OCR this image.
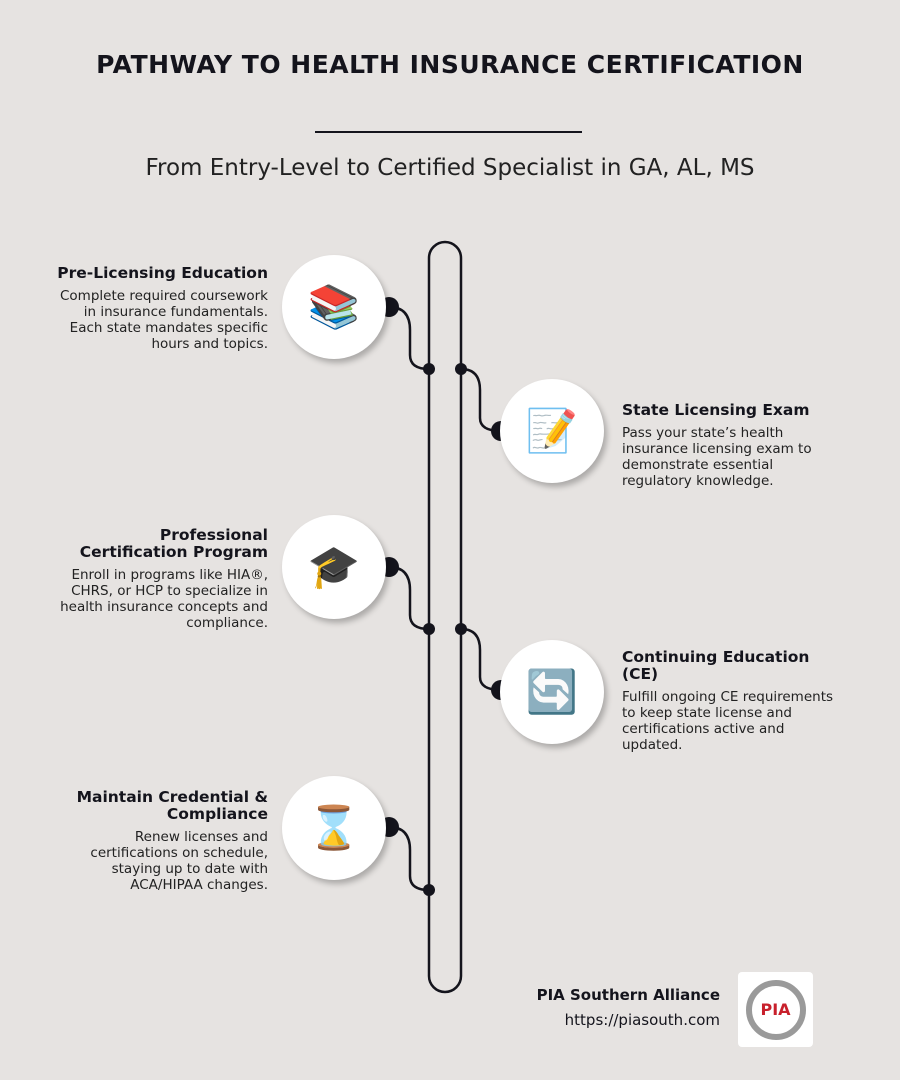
PATHWAY TO HEALTH INSURANCE CERTIFICATION
From Entry-Level to Certified Specialist in GA, AL, MS
📚
Pre-Licensing Education

Complete required coursework in insurance fundamentals. Each state mandates specific hours and topics.

📝	State Licensing Exam

Pass your state’s health insurance licensing exam to demonstrate essential regulatory knowledge.

🎓
Professional Certification Program

Enroll in programs like HIA®, CHRS, or HCP to specialize in health insurance concepts and compliance.

🔄
Continuing Education (CE)

Fulfill ongoing CE requirements to keep state license and certifications active and updated.

⌛
Maintain Credential & Compliance

Renew licenses and certifications on schedule, staying up to date with ACA/HIPAA changes.

PIA Southern Alliance
https://piasouth.com
PIA
